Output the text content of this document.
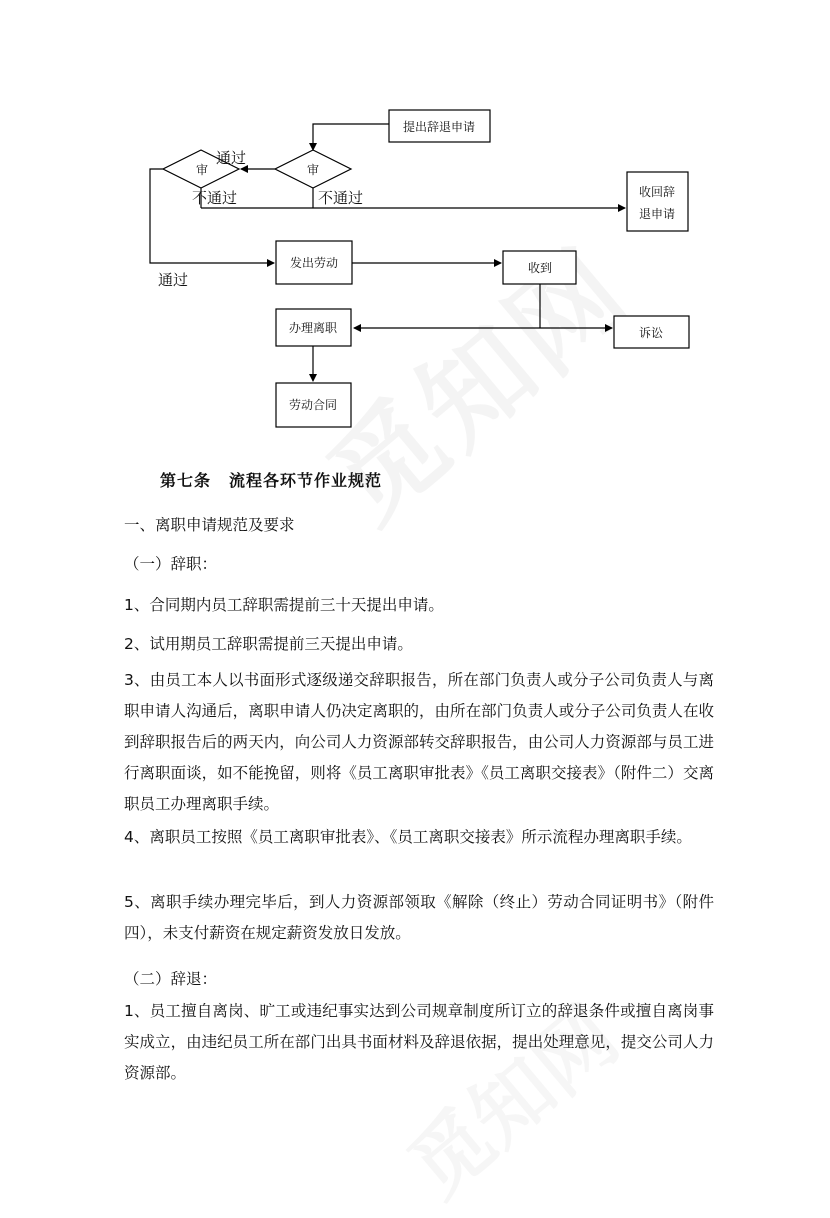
提出辞退申请
审
审
通过
不通过	不通过	收回辞
退申请
通过
发出劳动	收到
办理离职	诉讼
劳动合同
第七条 流程各环节作业规范
一、离职申请规范及要求
（一）辞职：
1、合同期内员工辞职需提前三十天提出申请。
2、试用期员工辞职需提前三天提出申请。
3、由员工本人以书面形式逐级递交辞职报告，所在部门负责人或分子公司负责人与离职申请人沟通后，离职申请人仍决定离职的，由所在部门负责人或分子公司负责人在收到辞职报告后的两天内，向公司人力资源部转交辞职报告，由公司人力资源部与员工进行离职面谈，如不能挽留，则将《员工离职审批表》《员工离职交接表》（附件二）交离职员工办理离职手续。
4、离职员工按照《员工离职审批表》、《员工离职交接表》所示流程办理离职手续。
5、离职手续办理完毕后，到人力资源部领取《解除（终止）劳动合同证明书》（附件四），未支付薪资在规定薪资发放日发放。
（二）辞退：
1、员工擅自离岗、旷工或违纪事实达到公司规章制度所订立的辞退条件或擅自离岗事实成立，由违纪员工所在部门出具书面材料及辞退依据，提出处理意见，提交公司人力资源部。
